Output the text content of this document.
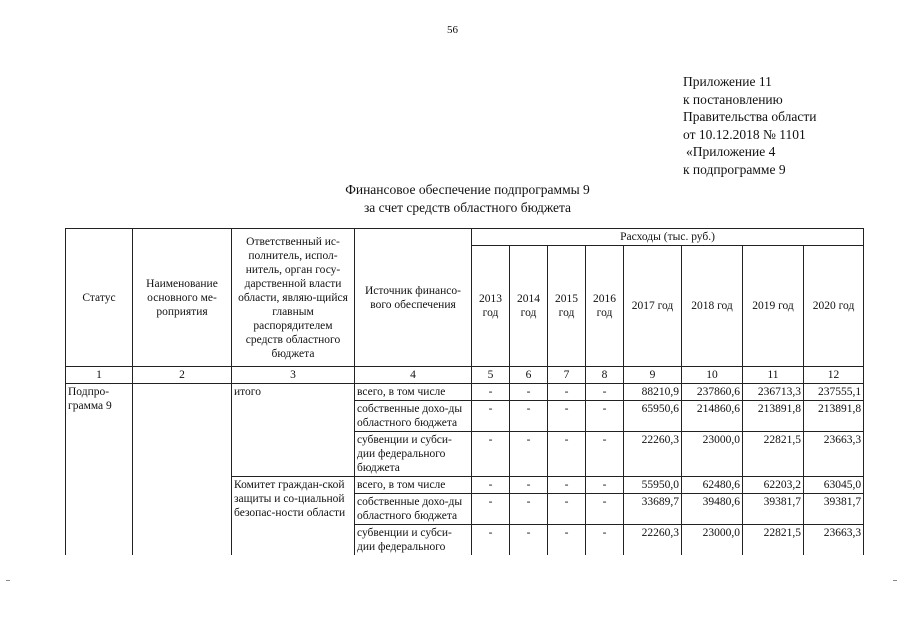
56
Приложение 11
к постановлению
Правительства области
от 10.12.2018 № 1101
«Приложение 4
к подпрограмме 9
Финансовое обеспечение подпрограммы 9
за счет средств областного бюджета
Статус	Наименование основного ме-роприятия	Ответственный ис-полнитель, испол-нитель, орган госу-дарственной власти области, являю-щийся главным распорядителем средств областного бюджета	Источник финансо-вого обеспечения	Расходы (тыс. руб.)							
				2013 год	2014 год	2015 год	2016 год	2017 год	2018 год	2019 год	2020 год
1	2	3	4	5	6	7	8	9	10	11	12
Подпро-грамма 9		итого	всего, в том числе	-	-	-	-	88210,9	237860,6	236713,3	237555,1
			собственные дохо-ды областного бюджета	-	-	-	-	65950,6	214860,6	213891,8	213891,8
			субвенции и субси-дии федерального бюджета	-	-	-	-	22260,3	23000,0	22821,5	23663,3
		Комитет граждан-ской защиты и со-циальной безопас-ности области	всего, в том числе	-	-	-	-	55950,0	62480,6	62203,2	63045,0
			собственные дохо-ды областного бюджета	-	-	-	-	33689,7	39480,6	39381,7	39381,7
			субвенции и субси-дии федерального	-	-	-	-	22260,3	23000,0	22821,5	23663,3
